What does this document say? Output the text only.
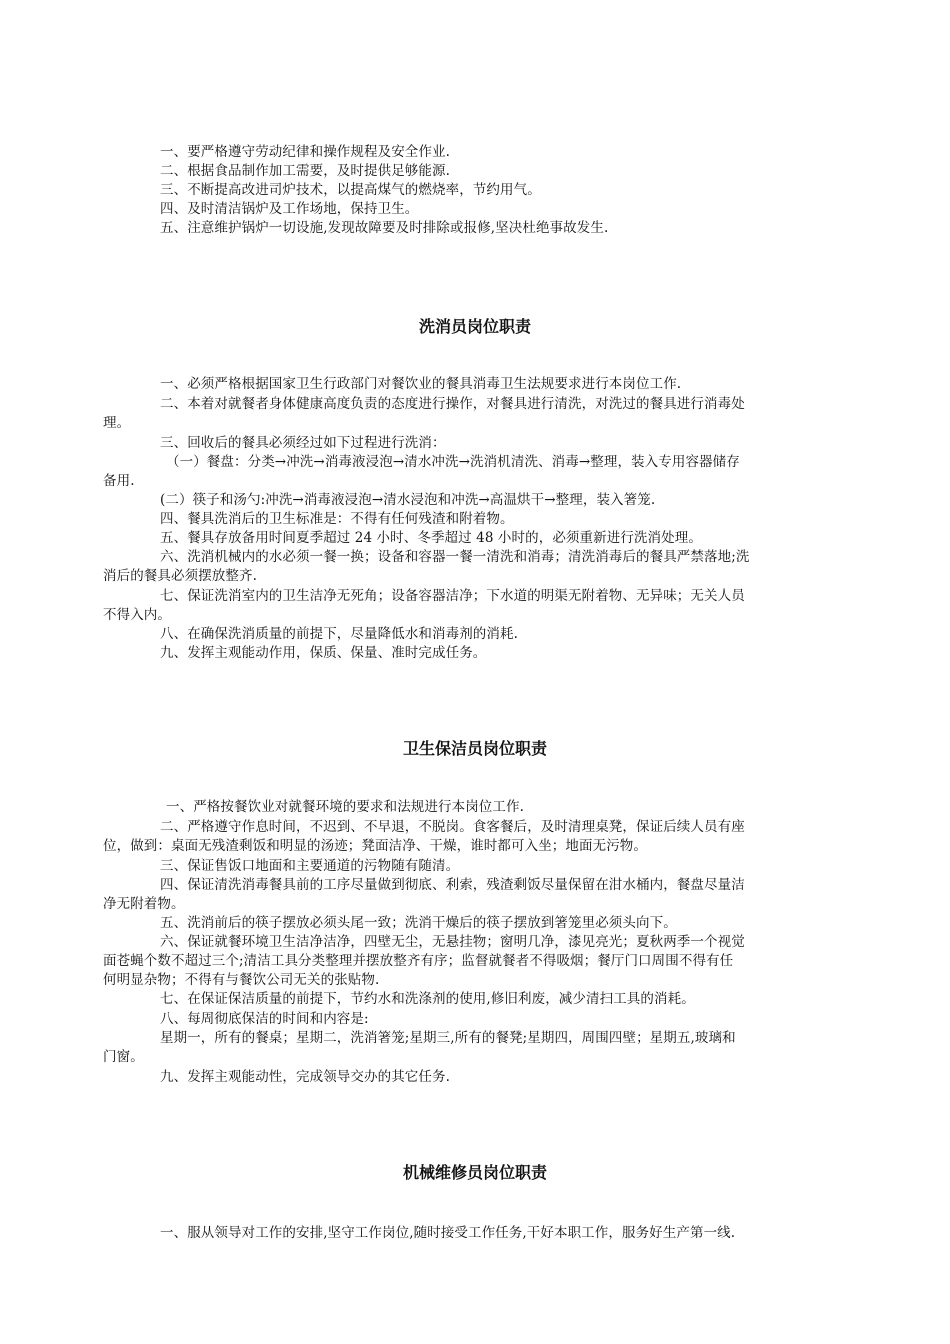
一、要严格遵守劳动纪律和操作规程及安全作业.
二、根据食品制作加工需要，及时提供足够能源.
三、不断提高改进司炉技术，以提高煤气的燃烧率，节约用气。
四、及时清洁锅炉及工作场地，保持卫生。
五、注意维护锅炉一切设施,发现故障要及时排除或报修,坚决杜绝事故发生.
洗消员岗位职责
一、必须严格根据国家卫生行政部门对餐饮业的餐具消毒卫生法规要求进行本岗位工作.
二、本着对就餐者身体健康高度负责的态度进行操作，对餐具进行清洗，对洗过的餐具进行消毒处
理。
三、回收后的餐具必须经过如下过程进行洗消：
（一）餐盘：分类→冲洗→消毒液浸泡→清水冲洗→洗消机清洗、消毒→整理，装入专用容器储存
备用.
(二）筷子和汤勺:冲洗→消毒液浸泡→清水浸泡和冲洗→高温烘干→整理，装入箸笼.
四、餐具洗消后的卫生标准是：不得有任何残渣和附着物。
五、餐具存放备用时间夏季超过 24 小时、冬季超过 48 小时的，必须重新进行洗消处理。
六、洗消机械内的水必须一餐一换；设备和容器一餐一清洗和消毒；清洗消毒后的餐具严禁落地;洗
消后的餐具必须摆放整齐.
七、保证洗消室内的卫生洁净无死角；设备容器洁净；下水道的明渠无附着物、无异味；无关人员
不得入内。
八、在确保洗消质量的前提下，尽量降低水和消毒剂的消耗.
九、发挥主观能动作用，保质、保量、准时完成任务。
卫生保洁员岗位职责
一、严格按餐饮业对就餐环境的要求和法规进行本岗位工作.
二、严格遵守作息时间，不迟到、不早退，不脱岗。食客餐后，及时清理桌凳，保证后续人员有座
位，做到：桌面无残渣剩饭和明显的汤迹；凳面洁净、干燥，谁时都可入坐；地面无污物。
三、保证售饭口地面和主要通道的污物随有随清。
四、保证清洗消毒餐具前的工序尽量做到彻底、利索，残渣剩饭尽量保留在泔水桶内，餐盘尽量洁
净无附着物。
五、洗消前后的筷子摆放必须头尾一致；洗消干燥后的筷子摆放到箸笼里必须头向下。
六、保证就餐环境卫生洁净洁净，四壁无尘，无悬挂物；窗明几净，漆见亮光；夏秋两季一个视觉
面苍蝇个数不超过三个;清洁工具分类整理并摆放整齐有序；监督就餐者不得吸烟；餐厅门口周围不得有任
何明显杂物；不得有与餐饮公司无关的张贴物.
七、在保证保洁质量的前提下，节约水和洗涤剂的使用,修旧利废，减少清扫工具的消耗。
八、每周彻底保洁的时间和内容是:
星期一，所有的餐桌；星期二，洗消箸笼;星期三,所有的餐凳;星期四，周围四壁；星期五,玻璃和
门窗。
九、发挥主观能动性，完成领导交办的其它任务.
机械维修员岗位职责
一、服从领导对工作的安排,坚守工作岗位,随时接受工作任务,干好本职工作，服务好生产第一线.
